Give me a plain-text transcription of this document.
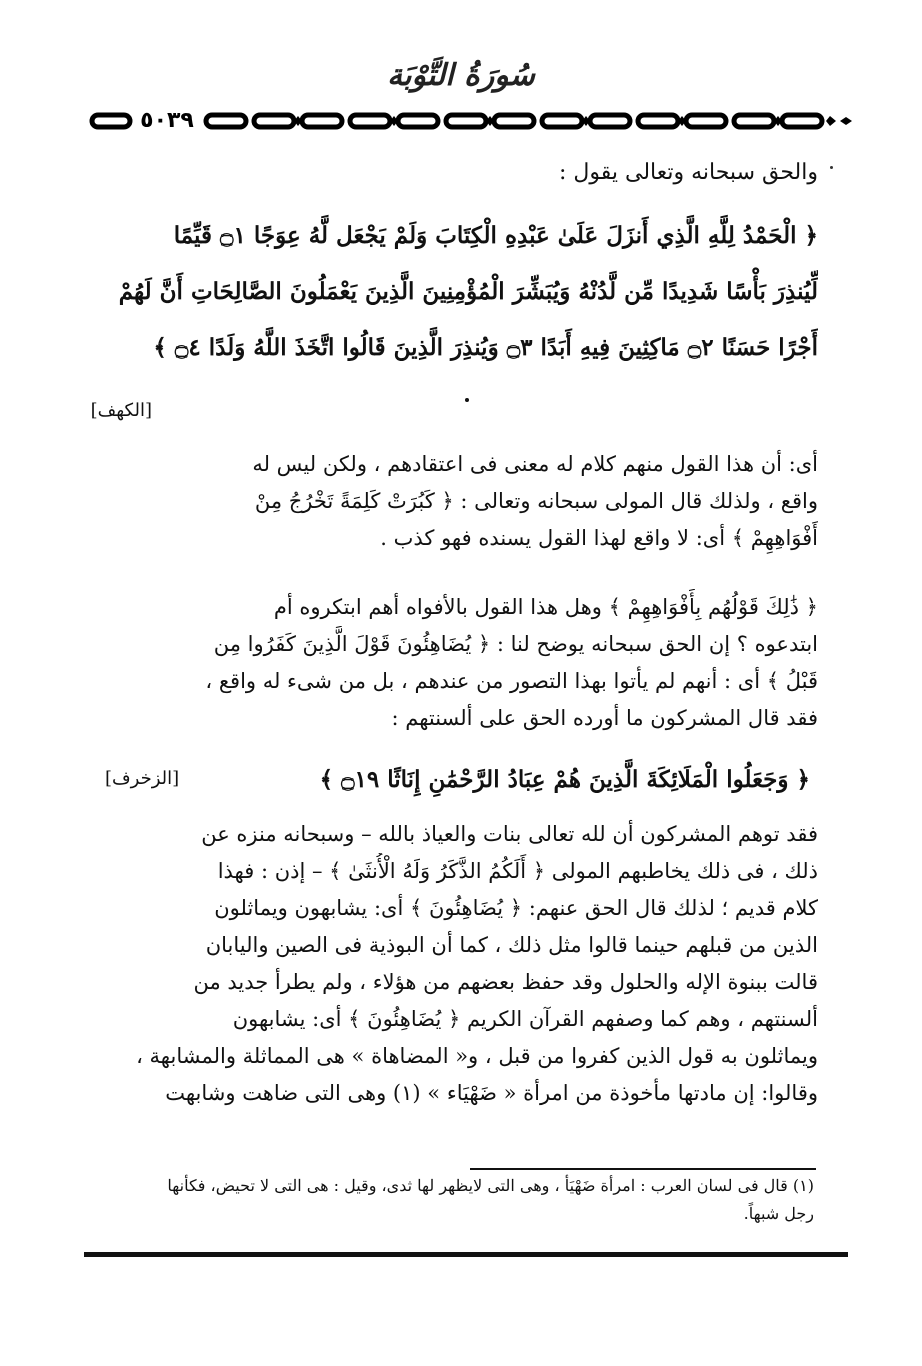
سُورَةُ التَّوْبَة
٥٠٣٩
والحق سبحانه وتعالى يقول :
﴿ الْحَمْدُ لِلَّهِ الَّذِي أَنزَلَ عَلَىٰ عَبْدِهِ الْكِتَابَ وَلَمْ يَجْعَل لَّهُ عِوَجًا ۝١ قَيِّمًا
لِّيُنذِرَ بَأْسًا شَدِيدًا مِّن لَّدُنْهُ وَيُبَشِّرَ الْمُؤْمِنِينَ الَّذِينَ يَعْمَلُونَ الصَّالِحَاتِ أَنَّ لَهُمْ
أَجْرًا حَسَنًا ۝٢ مَاكِثِينَ فِيهِ أَبَدًا ۝٣ وَيُنذِرَ الَّذِينَ قَالُوا اتَّخَذَ اللَّهُ وَلَدًا ۝٤ ﴾
[الكهف]
أى: أن هذا القول منهم كلام له معنى فى اعتقادهم ، ولكن ليس له
واقع ، ولذلك قال المولى سبحانه وتعالى : ﴿ كَبُرَتْ كَلِمَةً تَخْرُجُ مِنْ
أَفْوَاهِهِمْ ﴾ أى: لا واقع لهذا القول يسنده فهو كذب .
﴿ ذَٰلِكَ قَوْلُهُم بِأَفْوَاهِهِمْ ﴾ وهل هذا القول بالأفواه أهم ابتكروه أم
ابتدعوه ؟ إن الحق سبحانه يوضح لنا : ﴿ يُضَاهِئُونَ قَوْلَ الَّذِينَ كَفَرُوا مِن
قَبْلُ ﴾ أى : أنهم لم يأتوا بهذا التصور من عندهم ، بل من شىء له واقع ،
فقد قال المشركون ما أورده الحق على ألسنتهم :
﴿ وَجَعَلُوا الْمَلَائِكَةَ الَّذِينَ هُمْ عِبَادُ الرَّحْمَٰنِ إِنَاثًا ۝١٩ ﴾
[الزخرف]
فقد توهم المشركون أن لله تعالى بنات والعياذ بالله – وسبحانه منزه عن
ذلك ، فى ذلك يخاطبهم المولى ﴿ أَلَكُمُ الذَّكَرُ وَلَهُ الْأُنثَىٰ ﴾ – إذن : فهذا
كلام قديم ؛ لذلك قال الحق عنهم: ﴿ يُضَاهِئُونَ ﴾ أى: يشابهون ويماثلون
الذين من قبلهم حينما قالوا مثل ذلك ، كما أن البوذية فى الصين واليابان
قالت ببنوة الإله والحلول وقد حفظ بعضهم من هؤلاء ، ولم يطرأ جديد من
ألسنتهم ، وهم كما وصفهم القرآن الكريم ﴿ يُضَاهِئُونَ ﴾ أى: يشابهون
ويماثلون به قول الذين كفروا من قبل ، و« المضاهاة » هى المماثلة والمشابهة ،
وقالوا: إن مادتها مأخوذة من امرأة « ضَهْيَاء » (١) وهى التى ضاهت وشابهت
(١) قال فى لسان العرب : امرأة ضَهْيَأ ، وهى التى لايظهر لها ثدى، وقيل : هى التى لا تحيض، فكأنها
رجل شبهاً.
